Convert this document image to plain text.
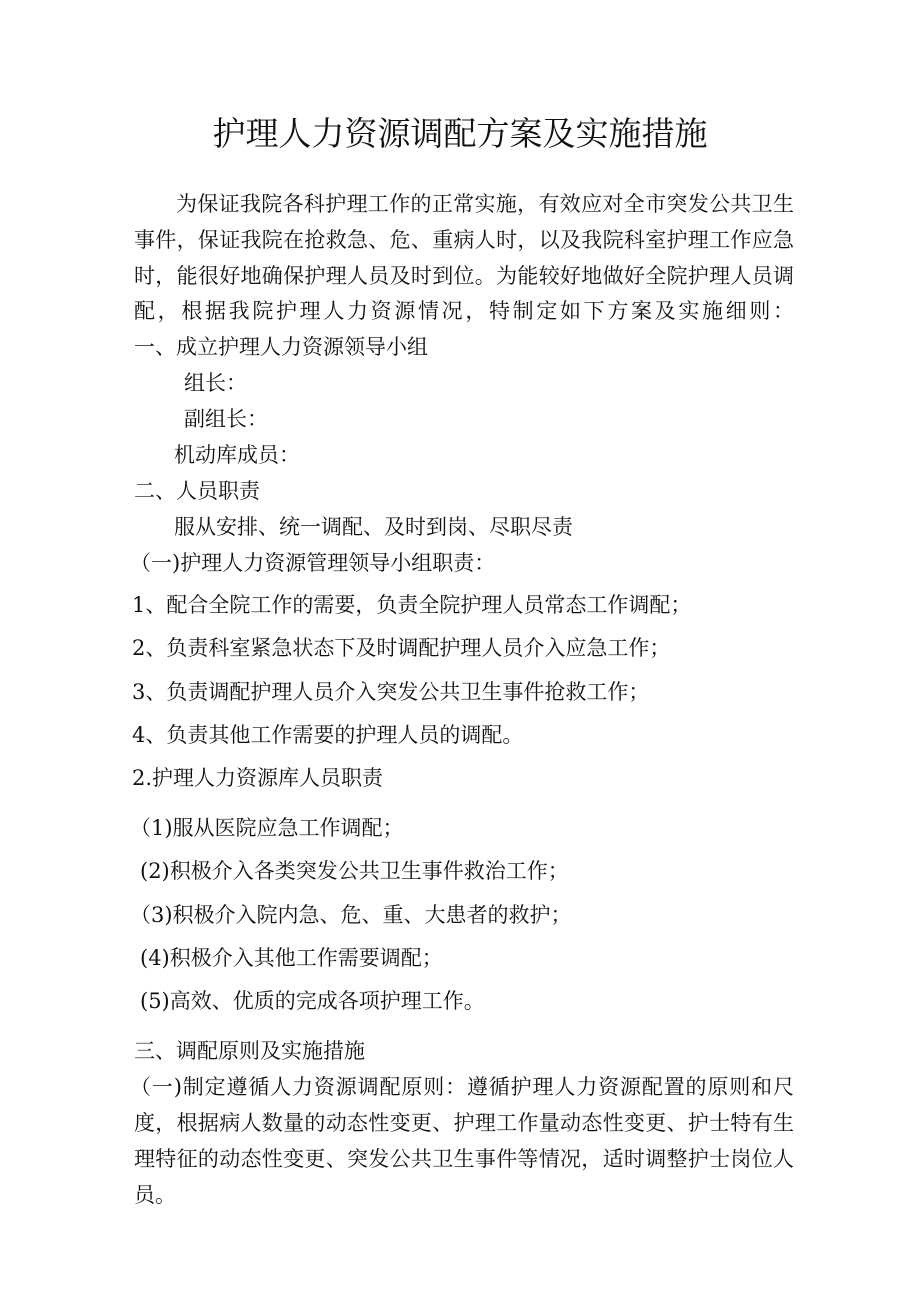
护理人力资源调配方案及实施措施
为保证我院各科护理工作的正常实施，有效应对全市突发公共卫生
事件，保证我院在抢救急、危、重病人时，以及我院科室护理工作应急
时，能很好地确保护理人员及时到位。为能较好地做好全院护理人员调
配，根据我院护理人力资源情况，特制定如下方案及实施细则：
一、成立护理人力资源领导小组
组长：
副组长：
机动库成员：
二、人员职责
服从安排、统一调配、及时到岗、尽职尽责
（一)护理人力资源管理领导小组职责：
1、配合全院工作的需要，负责全院护理人员常态工作调配；
2、负责科室紧急状态下及时调配护理人员介入应急工作；
3、负责调配护理人员介入突发公共卫生事件抢救工作；
4、负责其他工作需要的护理人员的调配。
2.护理人力资源库人员职责
（1)服从医院应急工作调配；
(2)积极介入各类突发公共卫生事件救治工作；
（3)积极介入院内急、危、重、大患者的救护；
(4)积极介入其他工作需要调配；
(5)高效、优质的完成各项护理工作。
三、调配原则及实施措施
（一)制定遵循人力资源调配原则：遵循护理人力资源配置的原则和尺
度，根据病人数量的动态性变更、护理工作量动态性变更、护士特有生
理特征的动态性变更、突发公共卫生事件等情况，适时调整护士岗位人
员。
